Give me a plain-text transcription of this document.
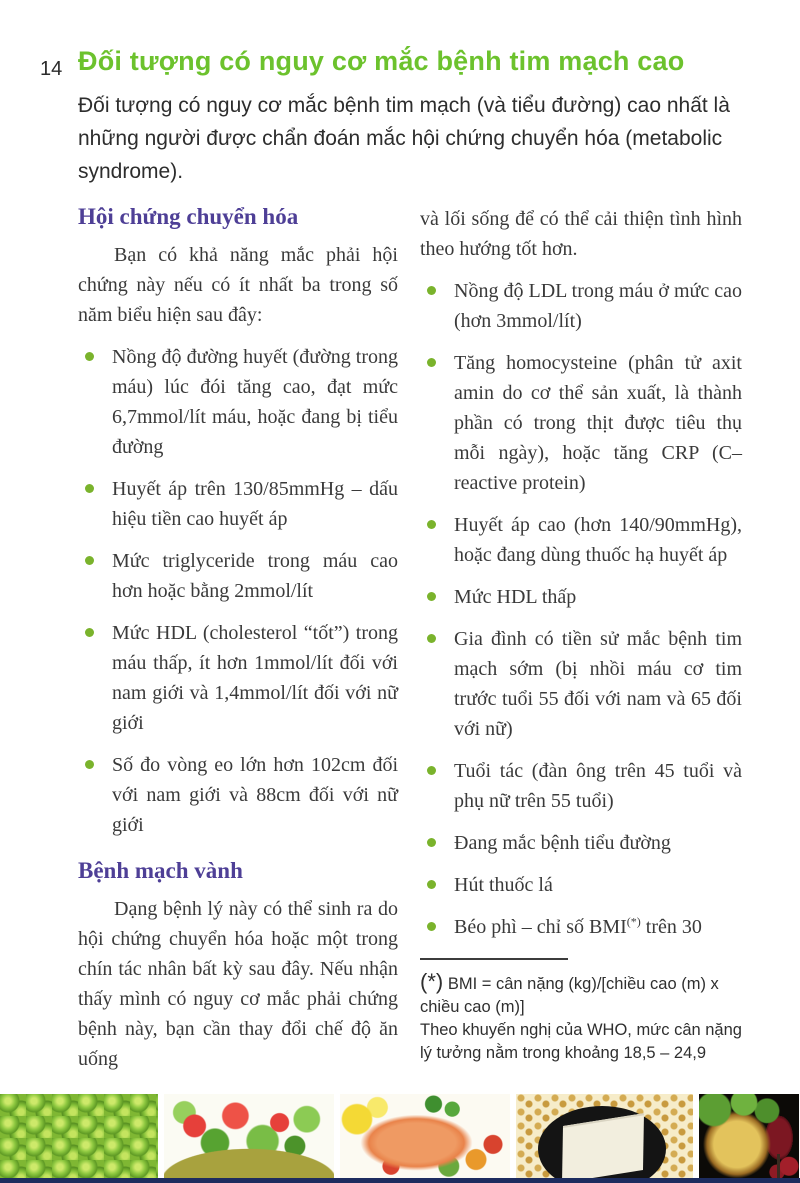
14 Đối tượng có nguy cơ mắc bệnh tim mạch cao

Đối tượng có nguy cơ mắc bệnh tim mạch (và tiểu đường) cao nhất là những người được chẩn đoán mắc hội chứng chuyển hóa (metabolic syndrome).

Hội chứng chuyển hóa

Bạn có khả năng mắc phải hội chứng này nếu có ít nhất ba trong số năm biểu hiện sau đây:

Nồng độ đường huyết (đường trong máu) lúc đói tăng cao, đạt mức 6,7mmol/lít máu, hoặc đang bị tiểu đường
Huyết áp trên 130/85mmHg – dấu hiệu tiền cao huyết áp
Mức triglyceride trong máu cao hơn hoặc bằng 2mmol/lít
Mức HDL (cholesterol “tốt”) trong máu thấp, ít hơn 1mmol/lít đối với nam giới và 1,4mmol/lít đối với nữ giới
Số đo vòng eo lớn hơn 102cm đối với nam giới và 88cm đối với nữ giới
Bệnh mạch vành

Dạng bệnh lý này có thể sinh ra do hội chứng chuyển hóa hoặc một trong chín tác nhân bất kỳ sau đây. Nếu nhận thấy mình có nguy cơ mắc phải chứng bệnh này, bạn cần thay đổi chế độ ăn uống

và lối sống để có thể cải thiện tình hình theo hướng tốt hơn.

Nồng độ LDL trong máu ở mức cao (hơn 3mmol/lít)
Tăng homocysteine (phân tử axit amin do cơ thể sản xuất, là thành phần có trong thịt được tiêu thụ mỗi ngày), hoặc tăng CRP (C–reactive protein)
Huyết áp cao (hơn 140/90mmHg), hoặc đang dùng thuốc hạ huyết áp
Mức HDL thấp
Gia đình có tiền sử mắc bệnh tim mạch sớm (bị nhồi máu cơ tim trước tuổi 55 đối với nam và 65 đối với nữ)
Tuổi tác (đàn ông trên 45 tuổi và phụ nữ trên 55 tuổi)
Đang mắc bệnh tiểu đường
Hút thuốc lá
Béo phì – chỉ số BMI(*) trên 30

(*) BMI = cân nặng (kg)/[chiều cao (m) x chiều cao (m)]

Theo khuyến nghị của WHO, mức cân nặng lý tưởng nằm trong khoảng 18,5 – 24,9
